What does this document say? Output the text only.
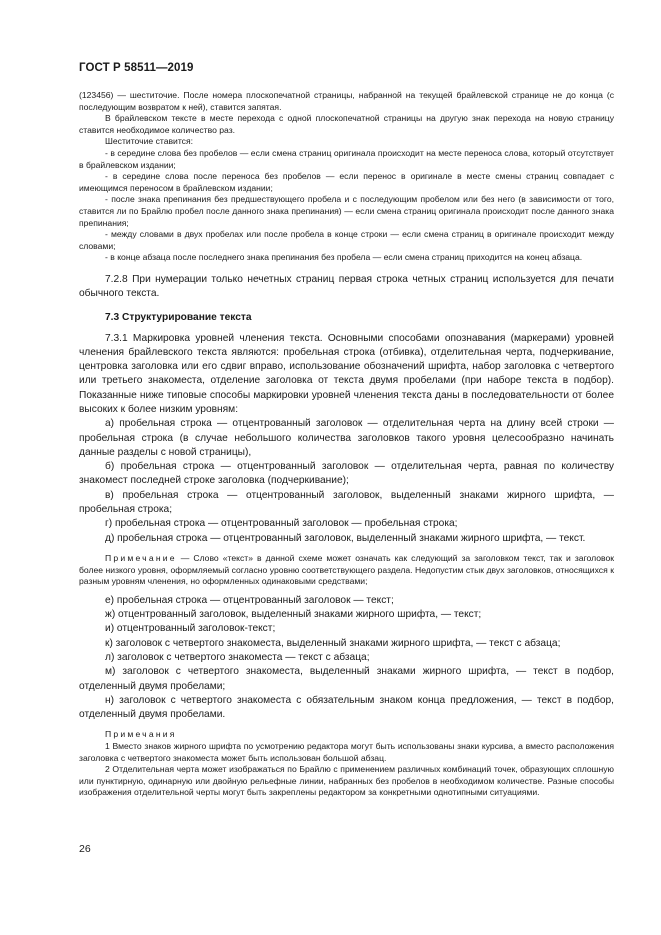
ГОСТ Р 58511—2019

(123456) — шеститочие. После номера плоскопечатной страницы, набранной на текущей брайлевской странице не до конца (с последующим возвратом к ней), ставится запятая.

В брайлевском тексте в месте перехода с одной плоскопечатной страницы на другую знак перехода на новую страницу ставится необходимое количество раз.

Шеститочие ставится:

- в середине слова без пробелов — если смена страниц оригинала происходит на месте переноса слова, который отсутствует в брайлевском издании;

- в середине слова после переноса без пробелов — если перенос в оригинале в месте смены страниц совпадает с имеющимся переносом в брайлевском издании;

- после знака препинания без предшествующего пробела и с последующим пробелом или без него (в зависимости от того, ставится ли по Брайлю пробел после данного знака препинания) — если смена страниц оригинала происходит после данного знака препинания;

- между словами в двух пробелах или после пробела в конце строки — если смена страниц в оригинале происходит между словами;

- в конце абзаца после последнего знака препинания без пробела — если смена страниц приходится на конец абзаца.

7.2.8 При нумерации только нечетных страниц первая строка четных страниц используется для печати обычного текста.

7.3 Структурирование текста

7.3.1 Маркировка уровней членения текста. Основными способами опознавания (маркерами) уровней членения брайлевского текста являются: пробельная строка (отбивка), отделительная черта, подчеркивание, центровка заголовка или его сдвиг вправо, использование обозначений шрифта, набор заголовка с четвертого или третьего знакоместа, отделение заголовка от текста двумя пробелами (при наборе текста в подбор). Показанные ниже типовые способы маркировки уровней членения текста даны в последовательности от более высоких к более низким уровням:

а) пробельная строка — отцентрованный заголовок — отделительная черта на длину всей строки — пробельная строка (в случае небольшого количества заголовков такого уровня целесообразно начинать данные разделы с новой страницы),

б) пробельная строка — отцентрованный заголовок — отделительная черта, равная по количеству знакомест последней строке заголовка (подчеркивание);

в) пробельная строка — отцентрованный заголовок, выделенный знаками жирного шрифта, — пробельная строка;

г) пробельная строка — отцентрованный заголовок — пробельная строка;

д) пробельная строка — отцентрованный заголовок, выделенный знаками жирного шрифта, — текст.

Примечание — Слово «текст» в данной схеме может означать как следующий за заголовком текст, так и заголовок более низкого уровня, оформляемый согласно уровню соответствующего раздела. Недопустим стык двух заголовков, относящихся к разным уровням членения, но оформленных одинаковыми средствами;

е) пробельная строка — отцентрованный заголовок — текст;

ж) отцентрованный заголовок, выделенный знаками жирного шрифта, — текст;

и) отцентрованный заголовок-текст;

к) заголовок с четвертого знакоместа, выделенный знаками жирного шрифта, — текст с абзаца;

л) заголовок с четвертого знакоместа — текст с абзаца;

м) заголовок с четвертого знакоместа, выделенный знаками жирного шрифта, — текст в подбор, отделенный двумя пробелами;

н) заголовок с четвертого знакоместа с обязательным знаком конца предложения, — текст в подбор, отделенный двумя пробелами.

Примечания

1 Вместо знаков жирного шрифта по усмотрению редактора могут быть использованы знаки курсива, а вместо расположения заголовка с четвертого знакоместа может быть использован большой абзац.

2 Отделительная черта может изображаться по Брайлю с применением различных комбинаций точек, образующих сплошную или пунктирную, одинарную или двойную рельефные линии, набранных без пробелов в необходимом количестве. Разные способы изображения отделительной черты могут быть закреплены редактором за конкретными однотипными ситуациями.

26
